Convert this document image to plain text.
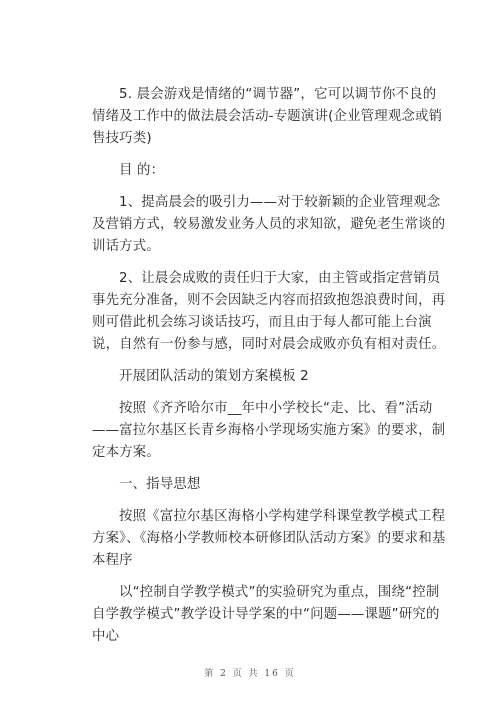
5. 晨会游戏是情绪的“调节器”，它可以调节你不良的情绪及工作中的做法晨会活动-专题演讲(企业管理观念或销售技巧类)

目 的：

1、提高晨会的吸引力——对于较新颖的企业管理观念及营销方式，较易激发业务人员的求知欲，避免老生常谈的训话方式。

2、让晨会成败的责任归于大家，由主管或指定营销员事先充分准备，则不会因缺乏内容而招致抱怨浪费时间，再则可借此机会练习谈话技巧，而且由于每人都可能上台演说，自然有一份参与感，同时对晨会成败亦负有相对责任。

开展团队活动的策划方案模板 2

按照《齐齐哈尔市__年中小学校长“走、比、看”活动——富拉尔基区长青乡海格小学现场实施方案》的要求，制定本方案。

一、指导思想

按照《富拉尔基区海格小学构建学科课堂教学模式工程方案》、《海格小学教师校本研修团队活动方案》的要求和基本程序

以“控制自学教学模式”的实验研究为重点，围绕“控制自学教学模式”教学设计导学案的中“问题——课题”研究的中心

第 2 页 共 16 页
